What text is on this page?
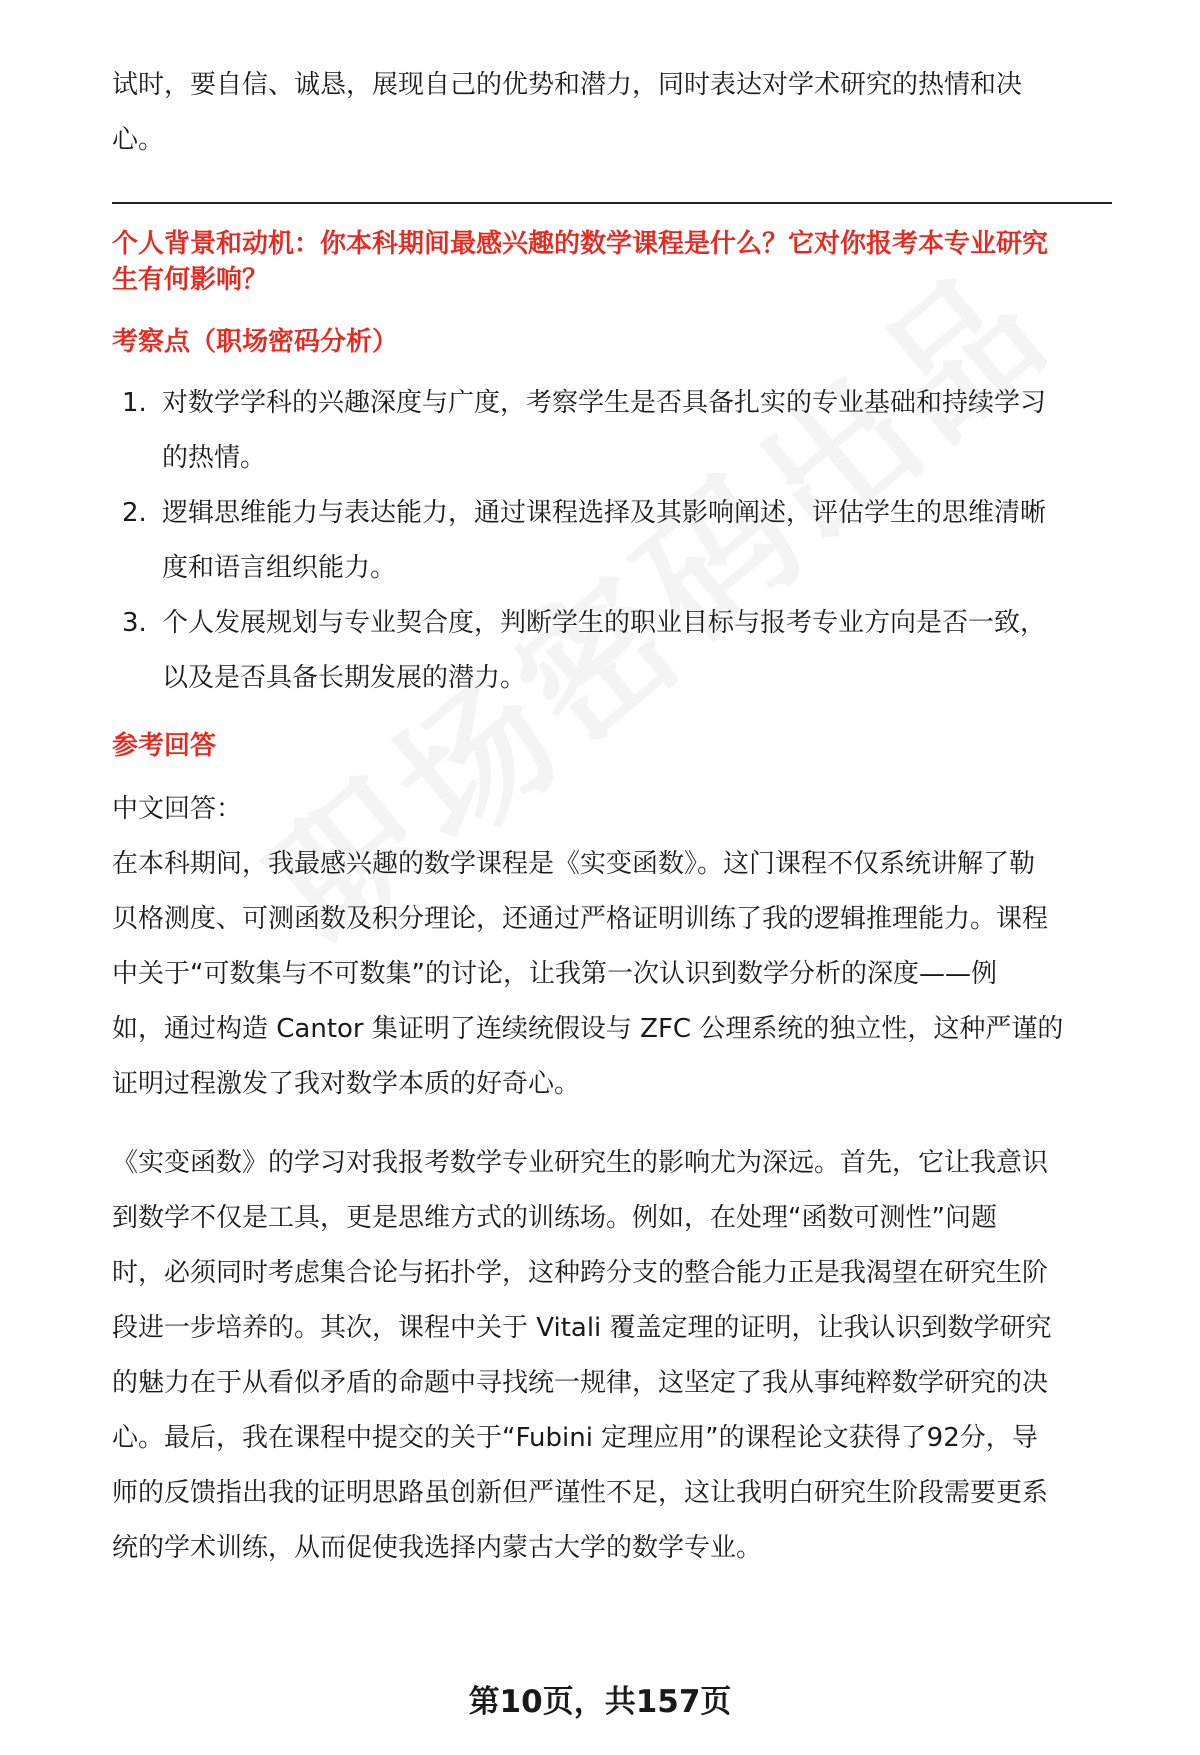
试时，要自信、诚恳，展现自己的优势和潜力，同时表达对学术研究的热情和决

心。

个人背景和动机：你本科期间最感兴趣的数学课程是什么？它对你报考本专业研究

生有何影响？

考察点（职场密码分析）

1. 对数学学科的兴趣深度与广度，考察学生是否具备扎实的专业基础和持续学习
的热情。
2. 逻辑思维能力与表达能力，通过课程选择及其影响阐述，评估学生的思维清晰
度和语言组织能力。
3. 个人发展规划与专业契合度，判断学生的职业目标与报考专业方向是否一致，
以及是否具备长期发展的潜力。

参考回答

中文回答：

在本科期间，我最感兴趣的数学课程是《实变函数》。这门课程不仅系统讲解了勒

贝格测度、可测函数及积分理论，还通过严格证明训练了我的逻辑推理能力。课程

中关于“可数集与不可数集”的讨论，让我第一次认识到数学分析的深度——例

如，通过构造 Cantor 集证明了连续统假设与 ZFC 公理系统的独立性，这种严谨的

证明过程激发了我对数学本质的好奇心。

《实变函数》的学习对我报考数学专业研究生的影响尤为深远。首先，它让我意识

到数学不仅是工具，更是思维方式的训练场。例如，在处理“函数可测性”问题

时，必须同时考虑集合论与拓扑学，这种跨分支的整合能力正是我渴望在研究生阶

段进一步培养的。其次，课程中关于 Vitali 覆盖定理的证明，让我认识到数学研究

的魅力在于从看似矛盾的命题中寻找统一规律，这坚定了我从事纯粹数学研究的决

心。最后，我在课程中提交的关于“Fubini 定理应用”的课程论文获得了92分，导

师的反馈指出我的证明思路虽创新但严谨性不足，这让我明白研究生阶段需要更系

统的学术训练，从而促使我选择内蒙古大学的数学专业。

第10页，共157页
